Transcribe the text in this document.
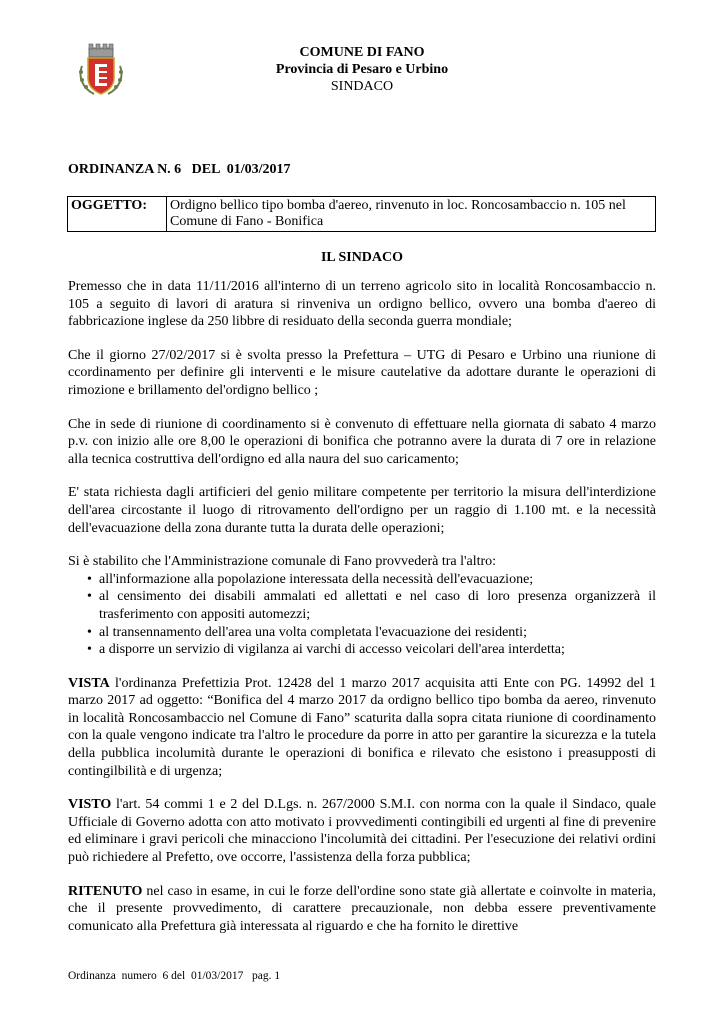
COMUNE DI FANO
Provincia di Pesaro e Urbino
SINDACO
ORDINANZA N. 6   DEL  01/03/2017
OGGETTO:	Ordigno bellico tipo bomba d'aereo, rinvenuto in loc. Roncosambaccio n. 105 nel Comune di Fano - Bonifica
IL SINDACO

Premesso che in data 11/11/2016 all'interno di un terreno agricolo sito in località Roncosambaccio n. 105 a seguito di lavori di aratura si rinveniva un ordigno bellico, ovvero una bomba d'aereo di fabbricazione inglese da 250 libbre di residuato della seconda guerra mondiale;

Che il giorno 27/02/2017 si è svolta presso la Prefettura – UTG di Pesaro e Urbino una riunione di ccordinamento per definire gli interventi e le misure cautelative da adottare durante le operazioni di rimozione e brillamento del'ordigno bellico ;

Che in sede di riunione di coordinamento si è convenuto di effettuare nella giornata di sabato 4 marzo p.v. con inizio alle ore 8,00 le operazioni di bonifica che potranno avere la durata di 7 ore in relazione alla tecnica costruttiva dell'ordigno ed alla naura del suo caricamento;

E' stata richiesta dagli artificieri del genio militare competente per territorio la misura dell'interdizione dell'area circostante il luogo di ritrovamento dell'ordigno per un raggio di 1.100 mt. e la necessità dell'evacuazione della zona durante tutta la durata delle operazioni;

Si è stabilito che l'Amministrazione comunale di Fano provvederà tra l'altro:

• all'informazione alla popolazione interessata della necessità dell'evacuazione;
• al censimento dei disabili ammalati ed allettati e nel caso di loro presenza organizzerà il trasferimento con appositi automezzi;
• al transennamento dell'area una volta completata l'evacuazione dei residenti;
• a disporre un servizio di vigilanza ai varchi di accesso veicolari dell'area interdetta;

VISTA l'ordinanza Prefettizia Prot. 12428 del 1 marzo 2017 acquisita atti Ente con PG. 14992 del 1 marzo 2017 ad oggetto: “Bonifica del 4 marzo 2017 da ordigno bellico tipo bomba da aereo, rinvenuto in località Roncosambaccio nel Comune di Fano” scaturita dalla sopra citata riunione di coordinamento con la quale vengono indicate tra l'altro le procedure da porre in atto per garantire la sicurezza e la tutela della pubblica incolumità durante le operazioni di bonifica e rilevato che esistono i preasupposti di contingilbilità e di urgenza;

VISTO l'art. 54 commi 1 e 2 del D.Lgs. n. 267/2000 S.M.I. con norma con la quale il Sindaco, quale Ufficiale di Governo adotta con atto motivato i provvedimenti contingibili ed urgenti al fine di prevenire ed eliminare i gravi pericoli che minacciono l'incolumità dei cittadini. Per l'esecuzione dei relativi ordini può richiedere al Prefetto, ove occorre, l'assistenza della forza pubblica;

RITENUTO nel caso in esame, in cui le forze dell'ordine sono state già allertate e coinvolte in materia, che il presente provvedimento, di carattere precauzionale, non debba essere preventivamente comunicato alla Prefettura già interessata al riguardo e che ha fornito le direttive

Ordinanza  numero  6 del  01/03/2017   pag. 1
